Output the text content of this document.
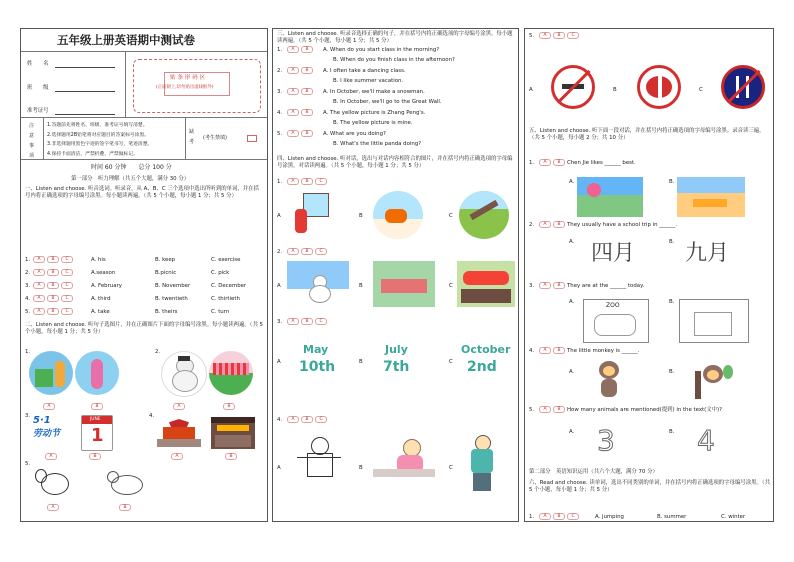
五年级上册英语期中测试卷
姓　　名
班　　级
准考证号
贴 条 形 码 区
(正面朝上,切勿贴出虚线框外)
注
意
事
项
1.答题前先将姓名、班级、准考证号填写清楚。
2.选择题用2B铅笔将对应题目的答案标号涂黑。
3.非选择题用黑色字迹的签字笔书写，笔迹清楚。
4.保持卡面清洁，严禁折叠，严禁做标记。
缺
考
(考生禁填)
时间 60 分钟　　总分 100 分
第一部分　听力理解（共五个大题，满分 30 分）
一、Listen and choose. 听音选词。听录音，从 A、B、C 三个选项中选出所听到的单词，并在括号内将正确选项的字母编号涂黑。每小题读两遍。（共 5 个小题，每小题 1 分；共 5 分）
1.	A	B	C	A. his	B. keep	C. exercise
2.	A	B	C	A.season	B.picnic	C. pick
3.	A	B	C	A. February	B. November	C. December
4.	A	B	C	A. third	B. twentieth	C. thirtieth
5.	A	B	C	A. take	B. theirs	C. turn
二、Listen and choose. 听句子选图片，并在正确图片下面的字母编号涂黑。每小题读两遍。（共 5 个小题，每小题 1 分；共 5 分）
1.
A	B
2.
A	B
3. 5·1
劳动节
JUNE
1
A	B
4.
A	B
5.
A	B
三、Listen and choose. 听录音选择正确的句子，并在括号内将正确选项的字母编号涂黑。每小题读两遍。（共 5 个小题，每小题 1 分；共 5 分）
1.	A	B	A. When do you start class in the morning?
B. When do you finish class in the afternoon?
2.	A	B	A. I often take a dancing class.
B. I like summer vacation.
3.	A	B	A. In October, we'll make a snowman.
B. In October, we'll go to the Great Wall.
4.	A	B	A. The yellow picture is Zhang Peng's.
B. The yellow picture is mine.
5.	A	B	A. What are you doing?
B. What's the little panda doing?
四、Listen and choose. 听对话，选出与对话内容相符合的图片，并在括号内将正确选项的字母编号涂黑。对话读两遍。（共 5 个小题，每小题 1 分；共 5 分）
1.	A	B	C
A	B	C
2.	A	B	C
A	B	C
3.	A	B	C
A
May
10th	B
July
7th	C
October
2nd
4.	A	B	C
A	B	C
5.	A	B	C
A	B	C
五、Listen and choose. 听下面一段对话，并在括号内将正确选项的字母编号涂黑。录音读三遍。（共 5 个小题，每小题 2 分；共 10 分）
1.	A	B	Chen Jie likes ______ best.
2.	A	B	They usually have a school trip in ______.
3.	A	B	They are at the ______ today.
4.	A	B	The little monkey is ______.
5.	A	B	How many animals are mentioned(提到) in the text(文中)?
A.	B.
A.	B.
四月 九月
A.	B.
ZOO
A.	B.
A.	B.
3	4
第二部分　英语知识运用（共六个大题，满分 70 分）
六、Read and choose. 读单词，选出不同类别的单词，并在括号内将正确选项的字母编号涂黑。（共 5 个小题，每小题 1 分；共 5 分）
1.	A	B	C	A. jumping	B. summer	C. winter
